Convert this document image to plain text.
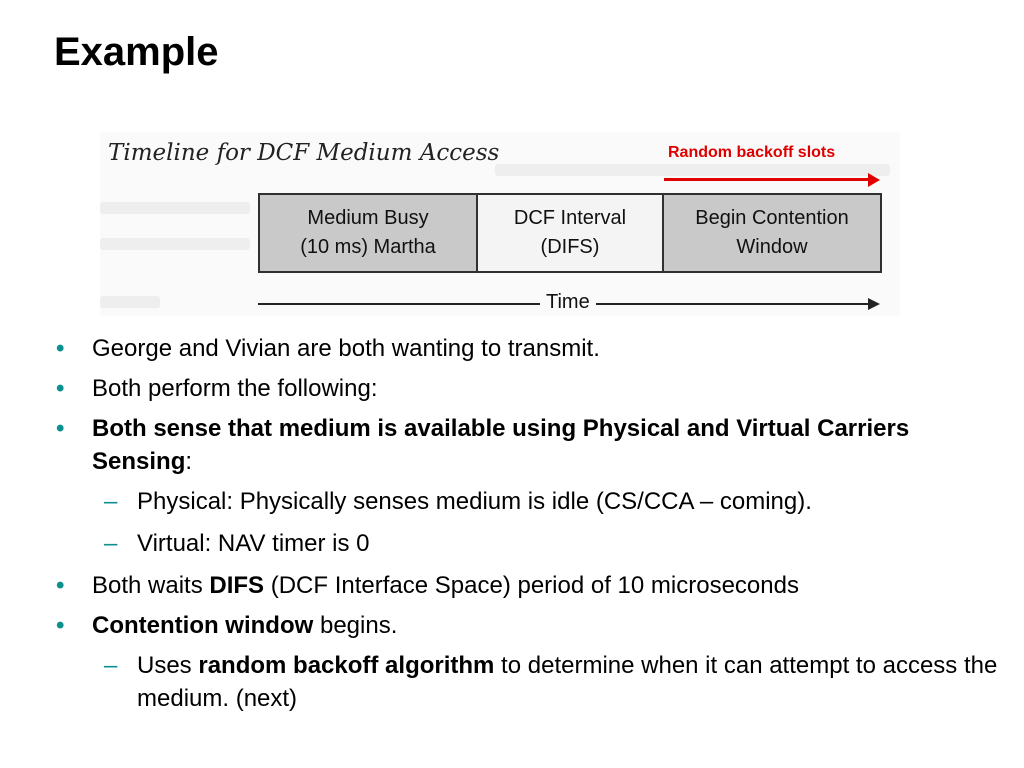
Example
Timeline for DCF Medium Access
Medium Busy
(10 ms) Martha
DCF Interval
(DIFS)
Begin Contention
Window
Time
Random backoff slots
• George and Vivian are both wanting to transmit.
• Both perform the following:
• Both sense that medium is available using Physical and Virtual Carriers Sensing:
– Physical: Physically senses medium is idle (CS/CCA – coming).
– Virtual: NAV timer is 0
• Both waits DIFS (DCF Interface Space) period of 10 microseconds
• Contention window begins.
– Uses random backoff algorithm to determine when it can attempt to access the medium. (next)
